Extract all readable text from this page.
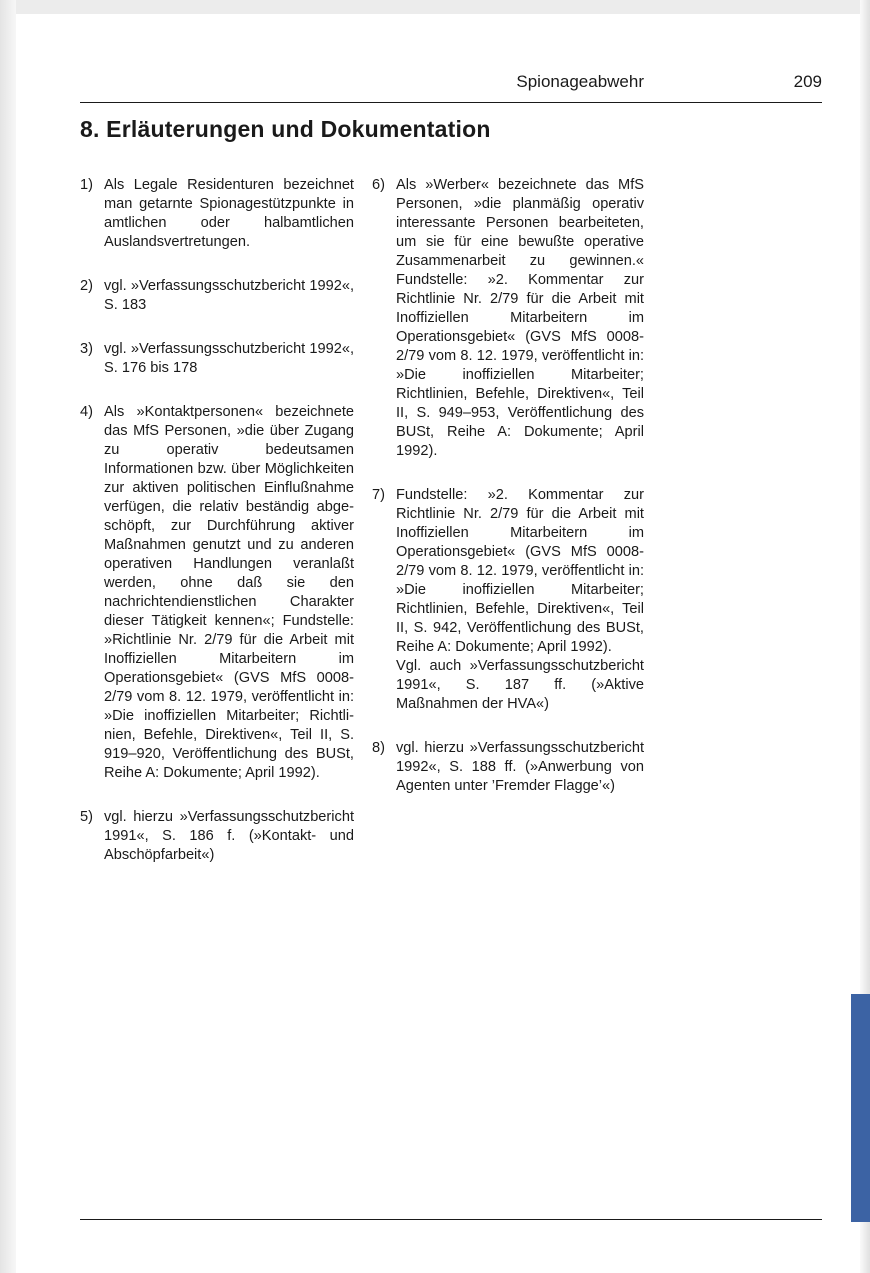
Spionageabwehr	209
8. Erläuterungen und Dokumentation
1) Als Legale Residenturen bezeichnet man getarnte Spionagestützpunkte in amtlichen oder halbamtlichen Auslandsvertretungen.
2) vgl. »Verfassungsschutzbericht 1992«, S. 183
3) vgl. »Verfassungsschutzbericht 1992«, S. 176 bis 178
4) Als »Kontaktpersonen« bezeichnete das MfS Personen, »die über Zugang zu operativ bedeutsamen Informationen bzw. über Möglichkeiten zur aktiven politischen Einflußnahme verfügen, die relativ beständig abgeschöpft, zur Durchführung aktiver Maßnahmen genutzt und zu anderen operativen Handlungen veranlaßt werden, ohne daß sie den nachrichtendienstlichen Charakter dieser Tätigkeit kennen«; Fundstelle: »Richtlinie Nr. 2/79 für die Arbeit mit Inoffiziellen Mitarbeitern im Operationsgebiet« (GVS MfS 0008-2/79 vom 8. 12. 1979, veröffentlicht in: »Die inoffiziellen Mitarbeiter; Richtlinien, Befehle, Direktiven«, Teil II, S. 919–920, Veröffentlichung des BUSt, Reihe A: Dokumente; April 1992).
5) vgl. hierzu »Verfassungsschutzbericht 1991«, S. 186 f. (»Kontakt- und Abschöpfarbeit«)
6) Als »Werber« bezeichnete das MfS Personen, »die planmäßig operativ interessante Personen bearbeiteten, um sie für eine bewußte operative Zusammenarbeit zu gewinnen.« Fundstelle: »2. Kommentar zur Richtlinie Nr. 2/79 für die Arbeit mit Inoffiziellen Mitarbeitern im Operationsgebiet« (GVS MfS 0008-2/79 vom 8. 12. 1979, veröffentlicht in: »Die inoffiziellen Mitarbeiter; Richtlinien, Befehle, Direktiven«, Teil II, S. 949–953, Veröffentlichung des BUSt, Reihe A: Dokumente; April 1992).
7) Fundstelle: »2. Kommentar zur Richtlinie Nr. 2/79 für die Arbeit mit Inoffiziellen Mitarbeitern im Operationsgebiet« (GVS MfS 0008-2/79 vom 8. 12. 1979, veröffentlicht in: »Die inoffiziellen Mitarbeiter; Richtlinien, Befehle, Direktiven«, Teil II, S. 942, Veröffentlichung des BUSt, Reihe A: Dokumente; April 1992).
Vgl. auch »Verfassungsschutzbericht 1991«, S. 187 ff. (»Aktive Maßnahmen der HVA«)
8) vgl. hierzu »Verfassungsschutzbericht 1992«, S. 188 ff. (»Anwerbung von Agenten unter ’Fremder Flagge’«)
